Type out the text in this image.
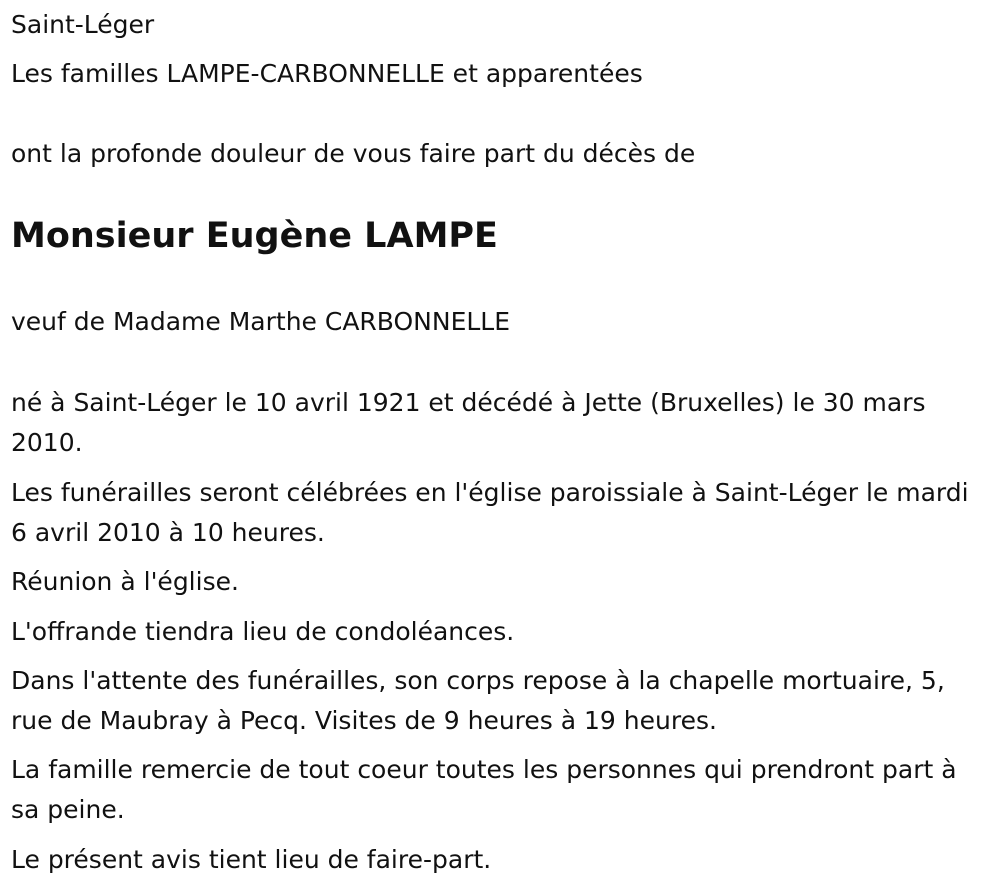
Saint-Léger

Les familles LAMPE-CARBONNELLE et apparentées

ont la profonde douleur de vous faire part du décès de

Monsieur Eugène LAMPE

veuf de Madame Marthe CARBONNELLE

né à Saint-Léger le 10 avril 1921 et décédé à Jette (Bruxelles) le 30 mars 2010.

Les funérailles seront célébrées en l'église paroissiale à Saint-Léger le mardi 6 avril 2010 à 10 heures.

Réunion à l'église.

L'offrande tiendra lieu de condoléances.

Dans l'attente des funérailles, son corps repose à la chapelle mortuaire, 5, rue de Maubray à Pecq. Visites de 9 heures à 19 heures.

La famille remercie de tout coeur toutes les personnes qui prendront part à sa peine.

Le présent avis tient lieu de faire-part.
